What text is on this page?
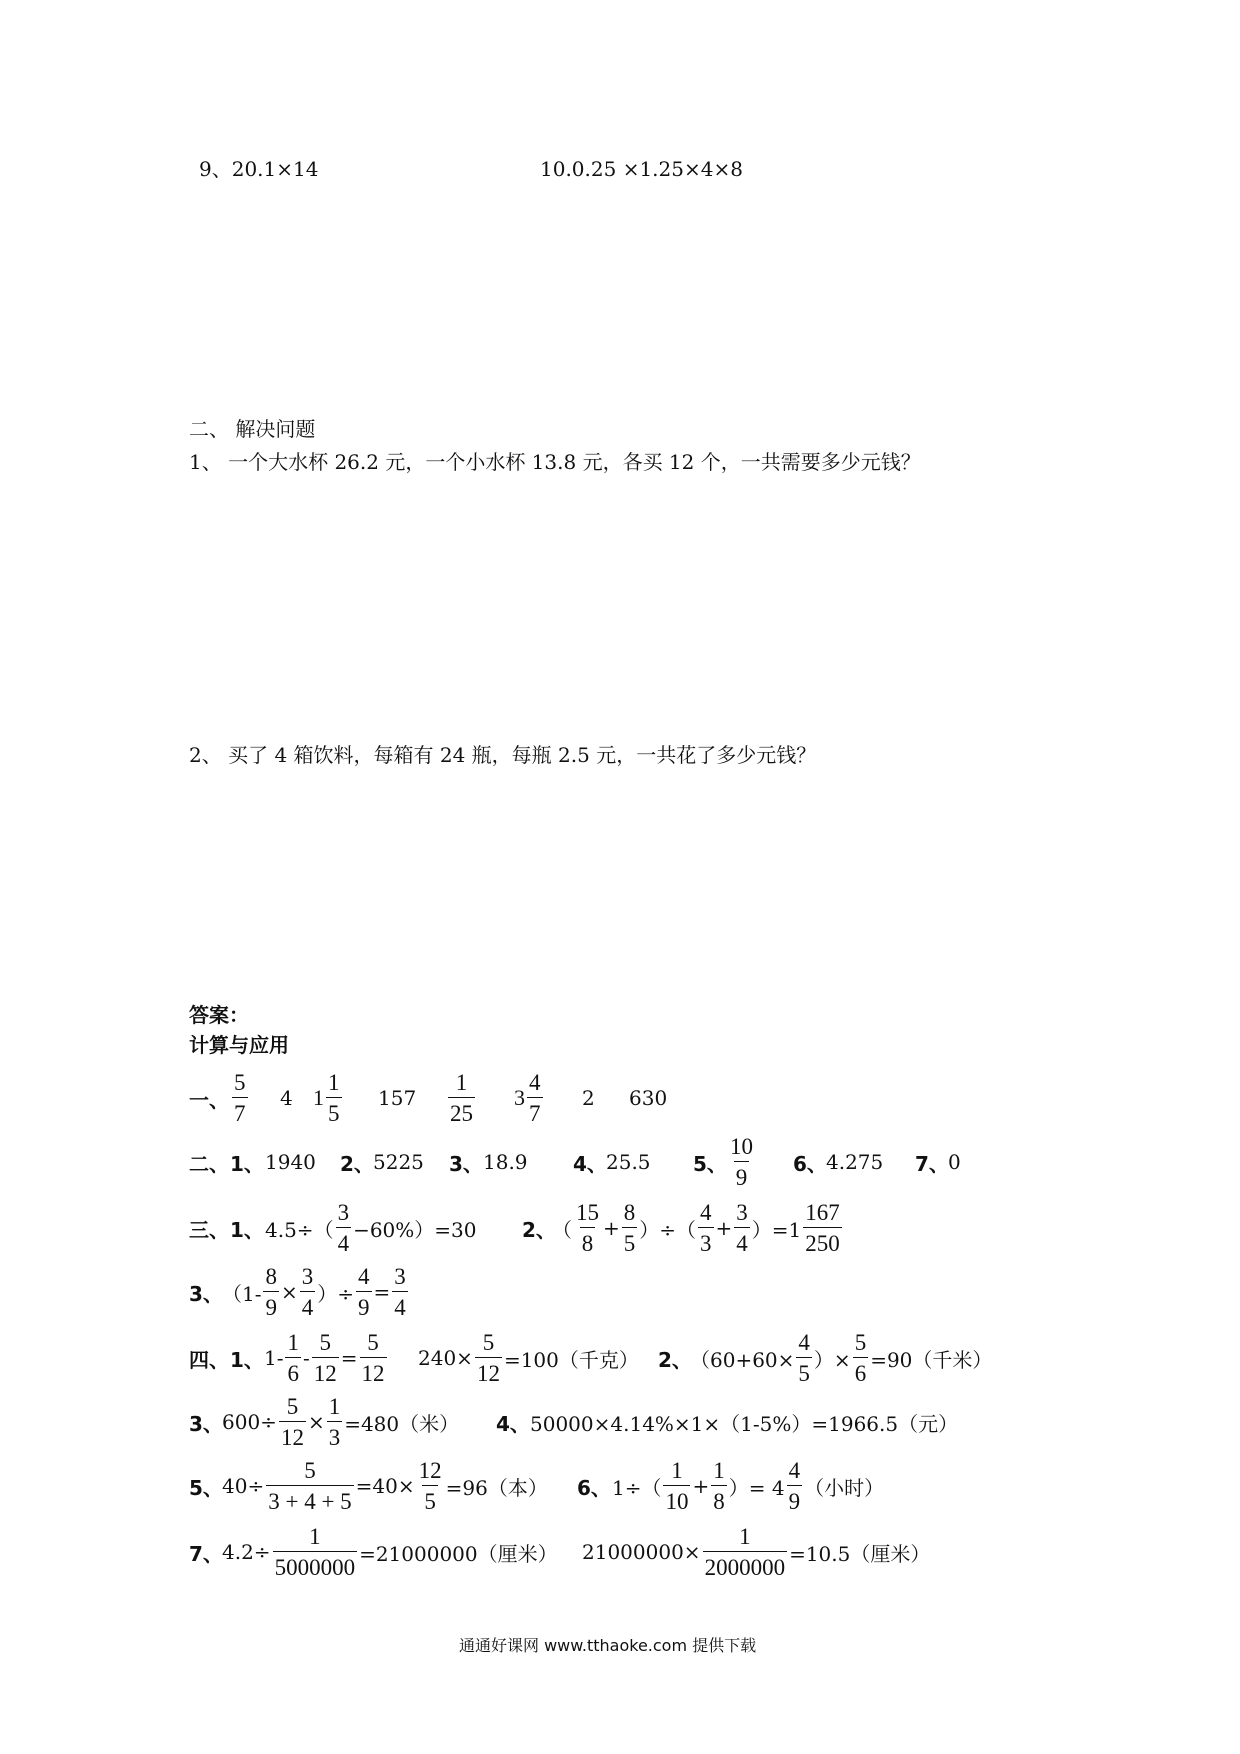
9、20.1×14	10.0.25 ×1.25×4×8
二、 解决问题
1、 一个大水杯 26.2 元，一个小水杯 13.8 元，各买 12 个，一共需要多少元钱？
2、 买了 4 箱饮料，每箱有 24 瓶，每瓶 2.5 元，一共花了多少元钱？
答案：
计算与应用
一、
5
7
4 1
1
5
157
1
25
3
4
7
2 630
二、 1、 1940 2、 5225 3、 18.9 4、 25.5 5、
10
9
6、 4.275 7、 0
三、 1、 4.5÷（
3
4
−60%）=30 2、
（
15
8
+ $\frac{8}{5}$ ）÷（
4
3
+ $\frac{3}{4} )=1$
167
250
3、 （$1- \frac{8}{9} \times \frac{3}{4}$ ）÷ $\frac{4}{9} = \frac{3}{4}$
四、 1、 1-
1
6
- $\frac{5}{12} = \frac{5}{12} 240\times \frac{5}{12} =100$（千克） 2、
（$60+60\times \frac{4}{5}$ ）× $\frac{5}{6} =90$（千米）
3、 $600\div \frac{5}{12} \times \frac{1}{3} =480$（米） 4、 50000×4.14%×1×（1-5%）=1966.5（元）
5、 $40\div \frac{5}{3 + 4 + 5} =40\times \frac{12}{5} =96$（本） 6、 1÷（
1
10
+ $\frac{1}{8}$ ）= 4
4
9
（小时）
7、 $4.2\div \frac{1}{5000000} =21000000$（厘米） $21000000\times \frac{1}{2000000} =10.5$（厘米）
通通好课网 www.tthaoke.com 提供下载
